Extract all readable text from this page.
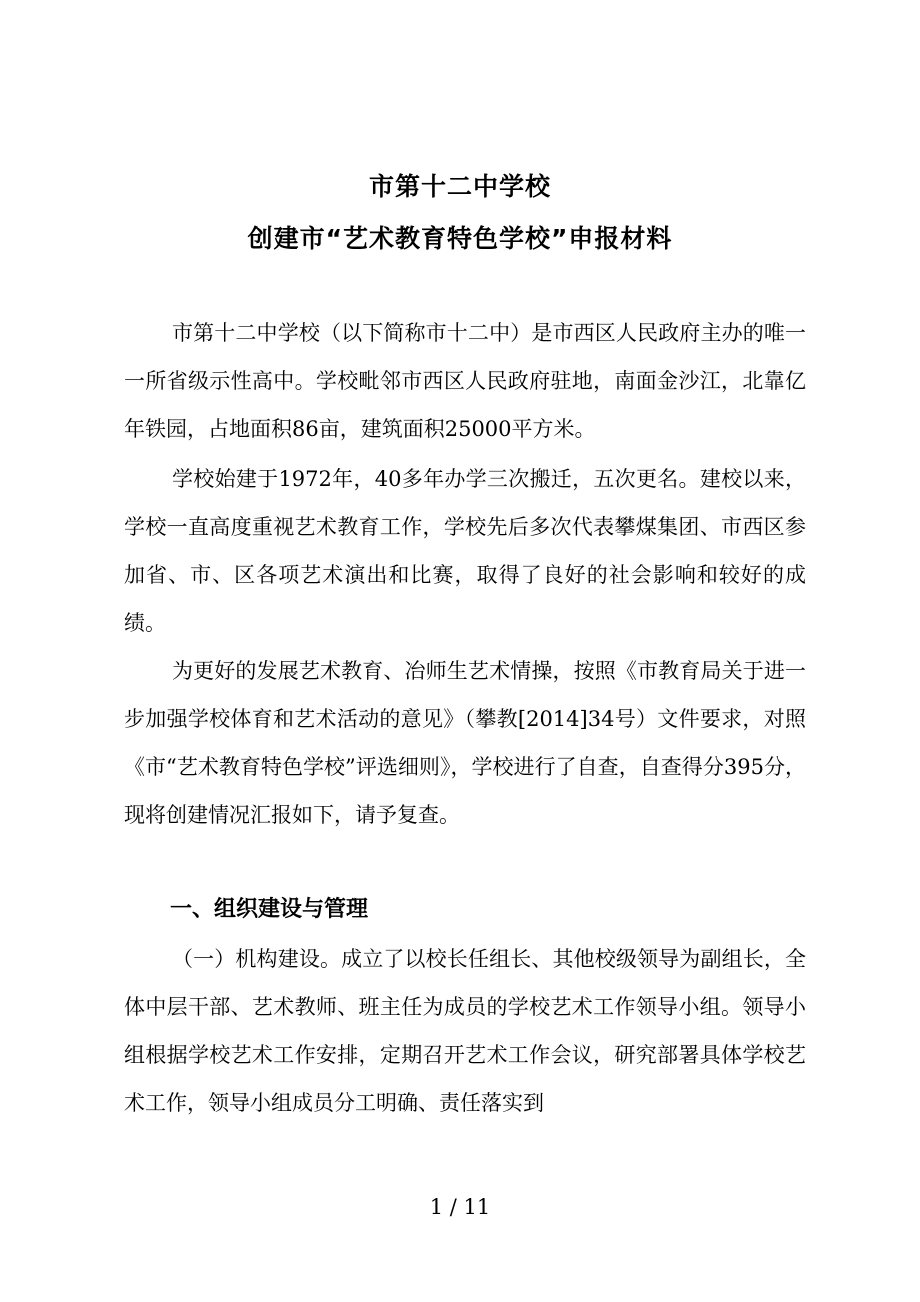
市第十二中学校
创建市“艺术教育特色学校”申报材料

市第十二中学校（以下简称市十二中）是市西区人民政府主办的唯一一所省级示性高中。学校毗邻市西区人民政府驻地，南面金沙江，北靠亿年铁园，占地面积86亩，建筑面积25000平方米。

学校始建于1972年，40多年办学三次搬迁，五次更名。建校以来，学校一直高度重视艺术教育工作，学校先后多次代表攀煤集团、市西区参加省、市、区各项艺术演出和比赛，取得了良好的社会影响和较好的成绩。

为更好的发展艺术教育、冶师生艺术情操，按照《市教育局关于进一步加强学校体育和艺术活动的意见》（攀教[2014]34号）文件要求，对照《市“艺术教育特色学校”评选细则》，学校进行了自查，自查得分395分，现将创建情况汇报如下，请予复查。

一、组织建设与管理

（一）机构建设。成立了以校长任组长、其他校级领导为副组长，全体中层干部、艺术教师、班主任为成员的学校艺术工作领导小组。领导小组根据学校艺术工作安排，定期召开艺术工作会议，研究部署具体学校艺术工作，领导小组成员分工明确、责任落实到

1 / 11
